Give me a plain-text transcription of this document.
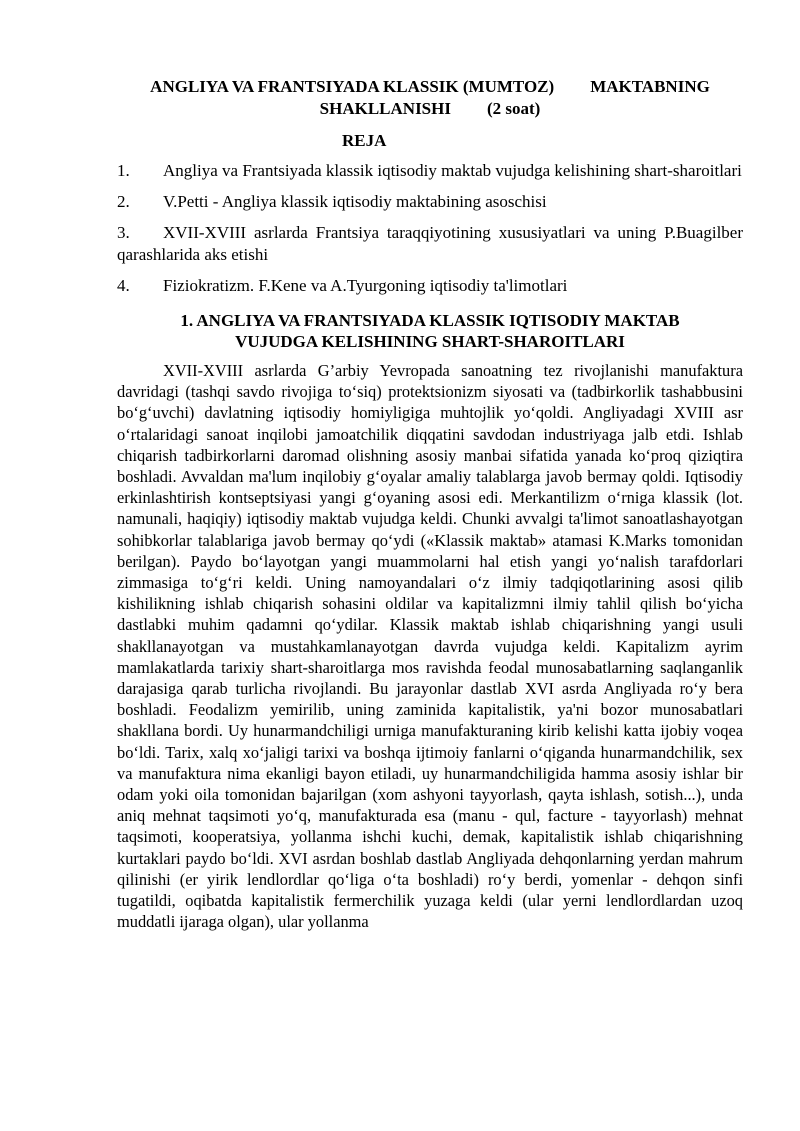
ANGLIYA VA FRANTSIYADA KLASSIK (MUMTOZ) MAKTABNING
SHAKLLANISHI (2 soat)

REJA

1. Angliya va Frantsiyada klassik iqtisodiy maktab vujudga kelishining shart-sharoitlari
2. V.Petti - Angliya klassik iqtisodiy maktabining asoschisi
3. XVII-XVIII asrlarda Frantsiya taraqqiyotining xususiyatlari va uning P.Buagilber qarashlarida aks etishi
4. Fiziokratizm. F.Kene va A.Tyurgoning iqtisodiy ta'limotlari

1. ANGLIYA VA FRANTSIYADA KLASSIK IQTISODIY MAKTAB
VUJUDGA KELISHINING SHART-SHAROITLARI

XVII-XVIII asrlarda G’arbiy Yevropada sanoatning tez rivojlanishi manufaktura davridagi (tashqi savdo rivojiga to‘siq) protektsionizm siyosati va (tadbirkorlik tashabbusini bo‘g‘uvchi) davlatning iqtisodiy homiyligiga muhtojlik yo‘qoldi. Angliyadagi XVIII asr o‘rtalaridagi sanoat inqilobi jamoatchilik diqqatini savdodan industriyaga jalb etdi. Ishlab chiqarish tadbirkorlarni daromad olishning asosiy manbai sifatida yanada ko‘proq qiziqtira boshladi. Avvaldan ma'lum inqilobiy g‘oyalar amaliy talablarga javob bermay qoldi. Iqtisodiy erkinlashtirish kontseptsiyasi yangi g‘oyaning asosi edi. Merkantilizm o‘rniga klassik (lot. namunali, haqiqiy) iqtisodiy maktab vujudga keldi. Chunki avvalgi ta'limot sanoatlashayotgan sohibkorlar talablariga javob bermay qo‘ydi («Klassik maktab» atamasi K.Marks tomonidan berilgan). Paydo bo‘layotgan yangi muammolarni hal etish yangi yo‘nalish tarafdorlari zimmasiga to‘g‘ri keldi. Uning namoyandalari o‘z ilmiy tadqiqotlarining asosi qilib kishilikning ishlab chiqarish sohasini oldilar va kapitalizmni ilmiy tahlil qilish bo‘yicha dastlabki muhim qadamni qo‘ydilar. Klassik maktab ishlab chiqarishning yangi usuli shakllanayotgan va mustahkamlanayotgan davrda vujudga keldi. Kapitalizm ayrim mamlakatlarda tarixiy shart-sharoitlarga mos ravishda feodal munosabatlarning saqlanganlik darajasiga qarab turlicha rivojlandi. Bu jarayonlar dastlab XVI asrda Angliyada ro‘y bera boshladi. Feodalizm yemirilib, uning zaminida kapitalistik, ya'ni bozor munosabatlari shakllana bordi. Uy hunarmandchiligi urniga manufakturaning kirib kelishi katta ijobiy voqea bo‘ldi. Tarix, xalq xo‘jaligi tarixi va boshqa ijtimoiy fanlarni o‘qiganda hunarmandchilik, sex va manufaktura nima ekanligi bayon etiladi, uy hunarmandchiligida hamma asosiy ishlar bir odam yoki oila tomonidan bajarilgan (xom ashyoni tayyorlash, qayta ishlash, sotish...), unda aniq mehnat taqsimoti yo‘q, manufakturada esa (manu - qul, facture - tayyorlash) mehnat taqsimoti, kooperatsiya, yollanma ishchi kuchi, demak, kapitalistik ishlab chiqarishning kurtaklari paydo bo‘ldi. XVI asrdan boshlab dastlab Angliyada dehqonlarning yerdan mahrum qilinishi (er yirik lendlordlar qo‘liga o‘ta boshladi) ro‘y berdi, yomenlar - dehqon sinfi tugatildi, oqibatda kapitalistik fermerchilik yuzaga keldi (ular yerni lendlordlardan uzoq muddatli ijaraga olgan), ular yollanma
